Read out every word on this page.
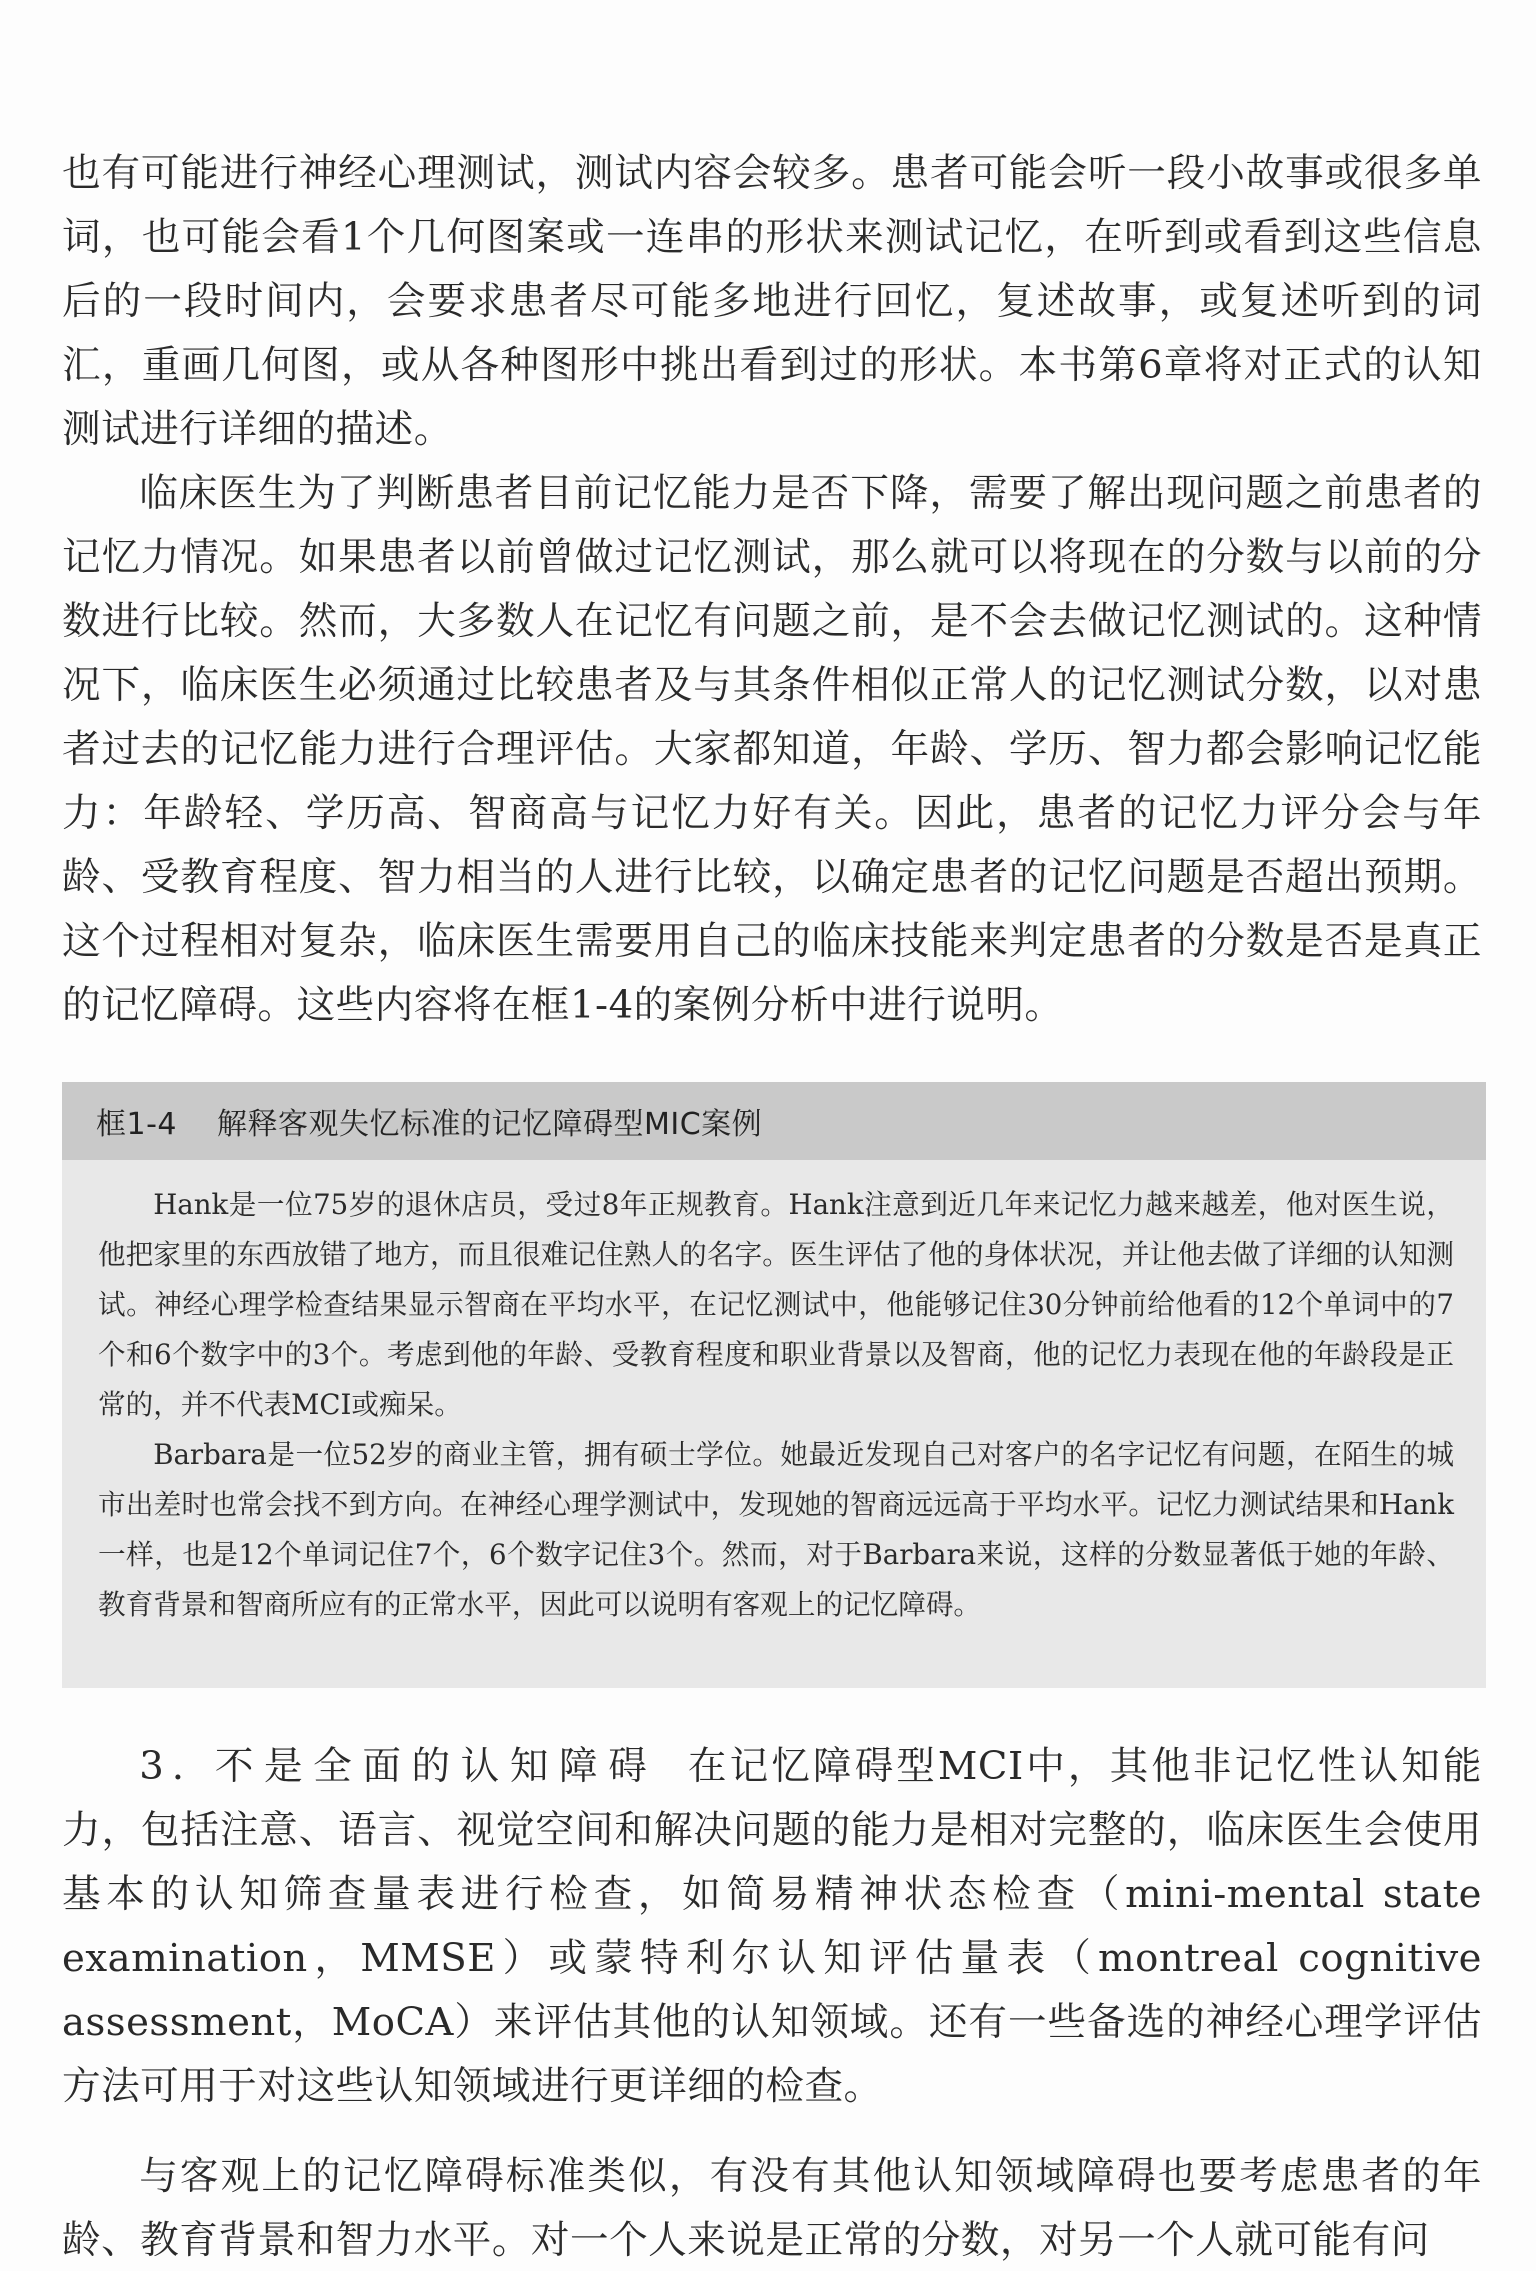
也有可能进行神经心理测试，测试内容会较多。患者可能会听一段小故事或很多单词，也可能会看1个几何图案或一连串的形状来测试记忆，在听到或看到这些信息后的一段时间内，会要求患者尽可能多地进行回忆，复述故事，或复述听到的词汇，重画几何图，或从各种图形中挑出看到过的形状。本书第6章将对正式的认知测试进行详细的描述。
临床医生为了判断患者目前记忆能力是否下降，需要了解出现问题之前患者的记忆力情况。如果患者以前曾做过记忆测试，那么就可以将现在的分数与以前的分数进行比较。然而，大多数人在记忆有问题之前，是不会去做记忆测试的。这种情况下，临床医生必须通过比较患者及与其条件相似正常人的记忆测试分数，以对患者过去的记忆能力进行合理评估。大家都知道，年龄、学历、智力都会影响记忆能力：年龄轻、学历高、智商高与记忆力好有关。因此，患者的记忆力评分会与年龄、受教育程度、智力相当的人进行比较，以确定患者的记忆问题是否超出预期。这个过程相对复杂，临床医生需要用自己的临床技能来判定患者的分数是否是真正的记忆障碍。这些内容将在框1-4的案例分析中进行说明。
框1-4 解释客观失忆标准的记忆障碍型MIC案例

Hank是一位75岁的退休店员，受过8年正规教育。Hank注意到近几年来记忆力越来越差，他对医生说，他把家里的东西放错了地方，而且很难记住熟人的名字。医生评估了他的身体状况，并让他去做了详细的认知测试。神经心理学检查结果显示智商在平均水平，在记忆测试中，他能够记住30分钟前给他看的12个单词中的7个和6个数字中的3个。考虑到他的年龄、受教育程度和职业背景以及智商，他的记忆力表现在他的年龄段是正常的，并不代表MCI或痴呆。

Barbara是一位52岁的商业主管，拥有硕士学位。她最近发现自己对客户的名字记忆有问题，在陌生的城市出差时也常会找不到方向。在神经心理学测试中，发现她的智商远远高于平均水平。记忆力测试结果和Hank一样，也是12个单词记住7个，6个数字记住3个。然而，对于Barbara来说，这样的分数显著低于她的年龄、教育背景和智商所应有的正常水平，因此可以说明有客观上的记忆障碍。

3. 不是全面的认知障碍 在记忆障碍型MCI中，其他非记忆性认知能力，包括注意、语言、视觉空间和解决问题的能力是相对完整的，临床医生会使用基本的认知筛查量表进行检查，如简易精神状态检查（mini-mental state examination，MMSE）或蒙特利尔认知评估量表（montreal cognitive assessment，MoCA）来评估其他的认知领域。还有一些备选的神经心理学评估方法可用于对这些认知领域进行更详细的检查。
与客观上的记忆障碍标准类似，有没有其他认知领域障碍也要考虑患者的年龄、教育背景和智力水平。对一个人来说是正常的分数，对另一个人就可能有问
